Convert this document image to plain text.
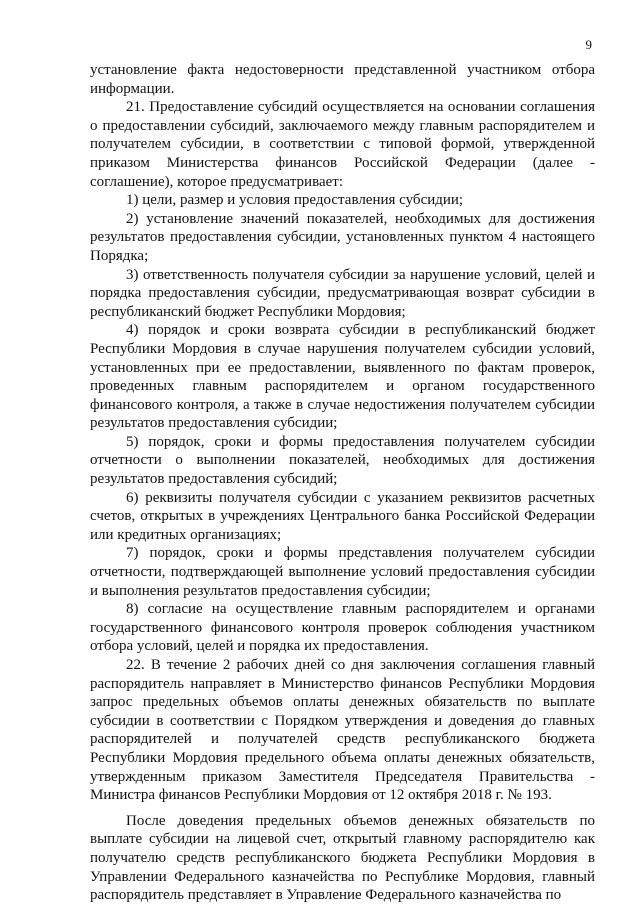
9

установление факта недостоверности представленной участником отбора информации.

21. Предоставление субсидий осуществляется на основании соглашения о предоставлении субсидий, заключаемого между главным распорядителем и получателем субсидии, в соответствии с типовой формой, утвержденной приказом Министерства финансов Российской Федерации (далее - соглашение), которое предусматривает:

1) цели, размер и условия предоставления субсидии;

2) установление значений показателей, необходимых для достижения результатов предоставления субсидии, установленных пунктом 4 настоящего Порядка;

3) ответственность получателя субсидии за нарушение условий, целей и порядка предоставления субсидии, предусматривающая возврат субсидии в республиканский бюджет Республики Мордовия;

4) порядок и сроки возврата субсидии в республиканский бюджет Республики Мордовия в случае нарушения получателем субсидии условий, установленных при ее предоставлении, выявленного по фактам проверок, проведенных главным распорядителем и органом государственного финансового контроля, а также в случае недостижения получателем субсидии результатов предоставления субсидии;

5) порядок, сроки и формы предоставления получателем субсидии отчетности о выполнении показателей, необходимых для достижения результатов предоставления субсидий;

6) реквизиты получателя субсидии с указанием реквизитов расчетных счетов, открытых в учреждениях Центрального банка Российской Федерации или кредитных организациях;

7) порядок, сроки и формы представления получателем субсидии отчетности, подтверждающей выполнение условий предоставления субсидии и выполнения результатов предоставления субсидии;

8) согласие на осуществление главным распорядителем и органами государственного финансового контроля проверок соблюдения участником отбора условий, целей и порядка их предоставления.

22. В течение 2 рабочих дней со дня заключения соглашения главный распорядитель направляет в Министерство финансов Республики Мордовия запрос предельных объемов оплаты денежных обязательств по выплате субсидии в соответствии с Порядком утверждения и доведения до главных распорядителей и получателей средств республиканского бюджета Республики Мордовия предельного объема оплаты денежных обязательств, утвержденным приказом Заместителя Председателя Правительства - Министра финансов Республики Мордовия от 12 октября 2018 г. № 193.

После доведения предельных объемов денежных обязательств по выплате субсидии на лицевой счет, открытый главному распорядителю как получателю средств республиканского бюджета Республики Мордовия в Управлении Федерального казначейства по Республике Мордовия, главный распорядитель представляет в Управление Федерального казначейства по
